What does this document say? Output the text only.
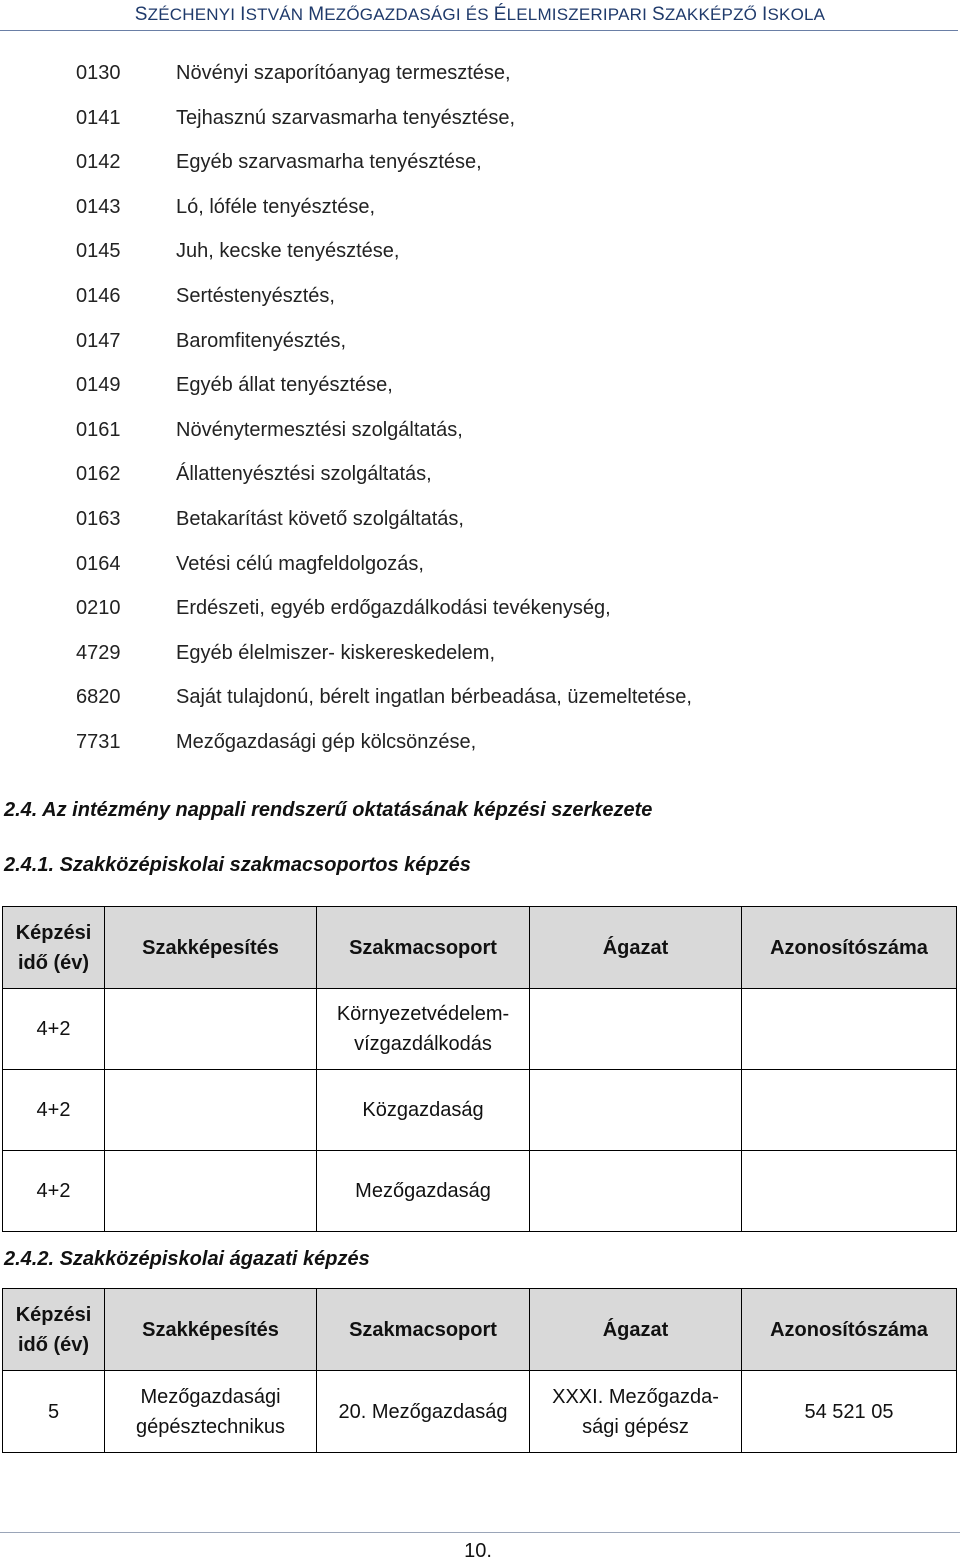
SZÉCHENYI ISTVÁN MEZŐGAZDASÁGI ÉS ÉLELMISZERIPARI SZAKKÉPZŐ ISKOLA
0130	Növényi szaporítóanyag termesztése,
0141	Tejhasznú szarvasmarha tenyésztése,
0142	Egyéb szarvasmarha tenyésztése,
0143	Ló, lóféle tenyésztése,
0145	Juh, kecske tenyésztése,
0146	Sertéstenyésztés,
0147	Baromfitenyésztés,
0149	Egyéb állat tenyésztése,
0161	Növénytermesztési szolgáltatás,
0162	Állattenyésztési szolgáltatás,
0163	Betakarítást követő szolgáltatás,
0164	Vetési célú magfeldolgozás,
0210	Erdészeti, egyéb erdőgazdálkodási tevékenység,
4729	Egyéb élelmiszer- kiskereskedelem,
6820	Saját tulajdonú, bérelt ingatlan bérbeadása, üzemeltetése,
7731	Mezőgazdasági gép kölcsönzése,
2.4. Az intézmény nappali rendszerű oktatásának képzési szerkezete
2.4.1. Szakközépiskolai szakmacsoportos képzés
Képzési
idő (év)	Szakképesítés	Szakmacsoport	Ágazat	Azonosítószáma
4+2		Környezetvédelem-
vízgazdálkodás		
4+2		Közgazdaság		
4+2		Mezőgazdaság		
2.4.2. Szakközépiskolai ágazati képzés
Képzési
idő (év)	Szakképesítés	Szakmacsoport	Ágazat	Azonosítószáma
5	Mezőgazdasági
gépésztechnikus	20. Mezőgazdaság	XXXI. Mezőgazda-
sági gépész	54 521 05
10.
